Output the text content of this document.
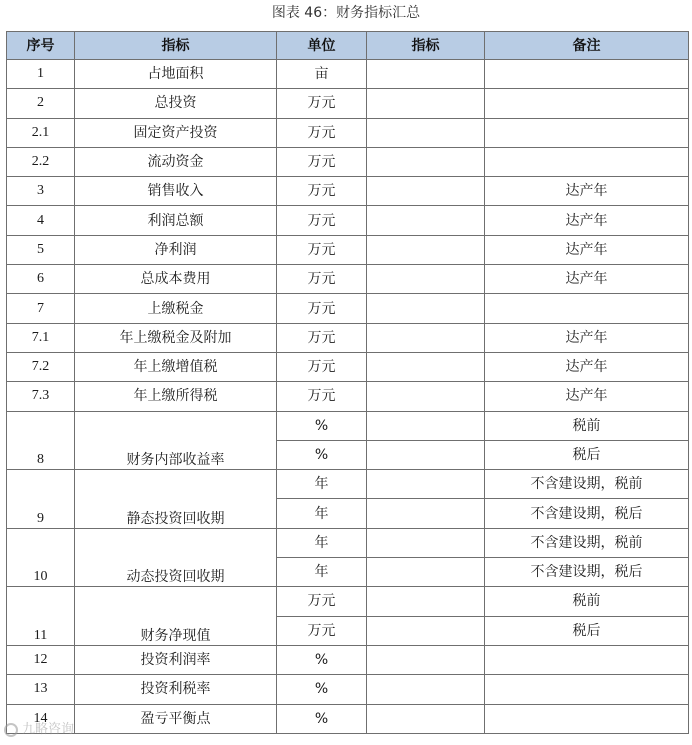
图表 46：财务指标汇总
序号	指标	单位	指标	备注
1	占地面积	亩		
2	总投资	万元		
2.1	固定资产投资	万元		
2.2	流动资金	万元		
3	销售收入	万元		达产年
4	利润总额	万元		达产年
5	净利润	万元		达产年
6	总成本费用	万元		达产年
7	上缴税金	万元		
7.1	年上缴税金及附加	万元		达产年
7.2	年上缴增值税	万元		达产年
7.3	年上缴所得税	万元		达产年
8	财务内部收益率	%		税前
		%		税后
9	静态投资回收期	年		不含建设期，税前
		年		不含建设期，税后
10	动态投资回收期	年		不含建设期，税前
		年		不含建设期，税后
11	财务净现值	万元		税前
		万元		税后
12	投资利润率	%		
13	投资利税率	%		
14	盈亏平衡点	%		
九略咨询
